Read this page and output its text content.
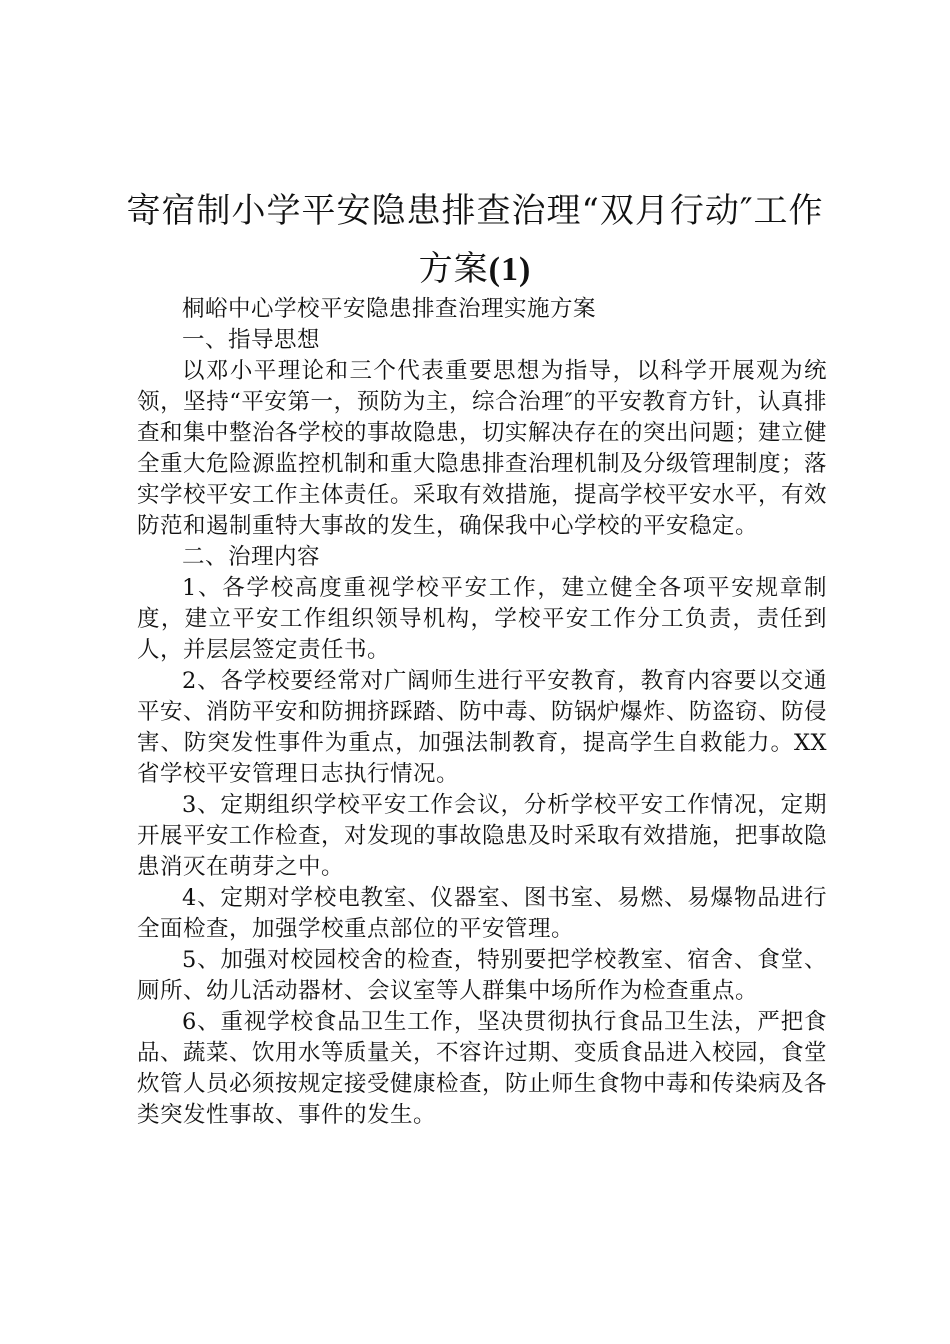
寄宿制小学平安隐患排查治理“双月行动″工作方案(1)

桐峪中心学校平安隐患排查治理实施方案

一、指导思想

以邓小平理论和三个代表重要思想为指导，以科学开展观为统领，坚持“平安第一，预防为主，综合治理″的平安教育方针，认真排查和集中整治各学校的事故隐患，切实解决存在的突出问题；建立健全重大危险源监控机制和重大隐患排查治理机制及分级管理制度；落实学校平安工作主体责任。采取有效措施，提高学校平安水平，有效防范和遏制重特大事故的发生，确保我中心学校的平安稳定。

二、治理内容

1、各学校高度重视学校平安工作，建立健全各项平安规章制度，建立平安工作组织领导机构，学校平安工作分工负责，责任到人，并层层签定责任书。

2、各学校要经常对广阔师生进行平安教育，教育内容要以交通平安、消防平安和防拥挤踩踏、防中毒、防锅炉爆炸、防盗窃、防侵害、防突发性事件为重点，加强法制教育，提高学生自救能力。XX省学校平安管理日志执行情况。

3、定期组织学校平安工作会议，分析学校平安工作情况，定期开展平安工作检查，对发现的事故隐患及时采取有效措施，把事故隐患消灭在萌芽之中。

4、定期对学校电教室、仪器室、图书室、易燃、易爆物品进行全面检查，加强学校重点部位的平安管理。

5、加强对校园校舍的检查，特别要把学校教室、宿舍、食堂、厕所、幼儿活动器材、会议室等人群集中场所作为检查重点。

6、重视学校食品卫生工作，坚决贯彻执行食品卫生法，严把食品、蔬菜、饮用水等质量关，不容许过期、变质食品进入校园，食堂炊管人员必须按规定接受健康检查，防止师生食物中毒和传染病及各类突发性事故、事件的发生。
